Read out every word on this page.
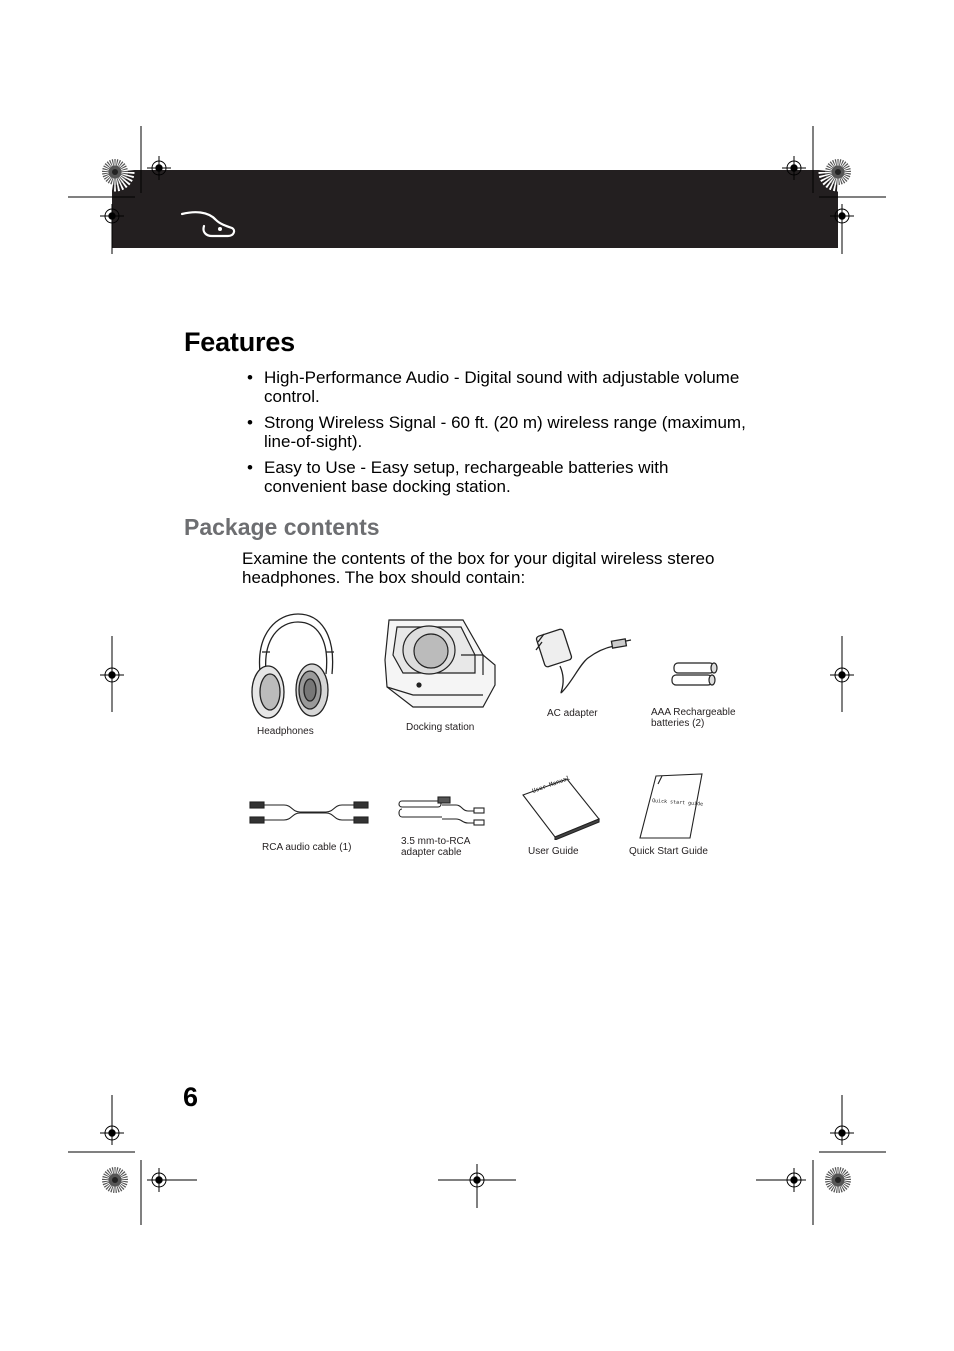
Features
• High-Performance Audio - Digital sound with adjustable volume control.
• Strong Wireless Signal - 60 ft. (20 m) wireless range (maximum, line-of-sight).
• Easy to Use - Easy setup, rechargeable batteries with convenient base docking station.
Package contents

Examine the contents of the box for your digital wireless stereo headphones. The box should contain:

Headphones	Docking station
AC adapter	AAA Rechargeable batteries (2)
RCA audio cable (1)
3.5 mm-to-RCA adapter cable
User Manual
User Guide
Quick start guide
Quick Start Guide
6
